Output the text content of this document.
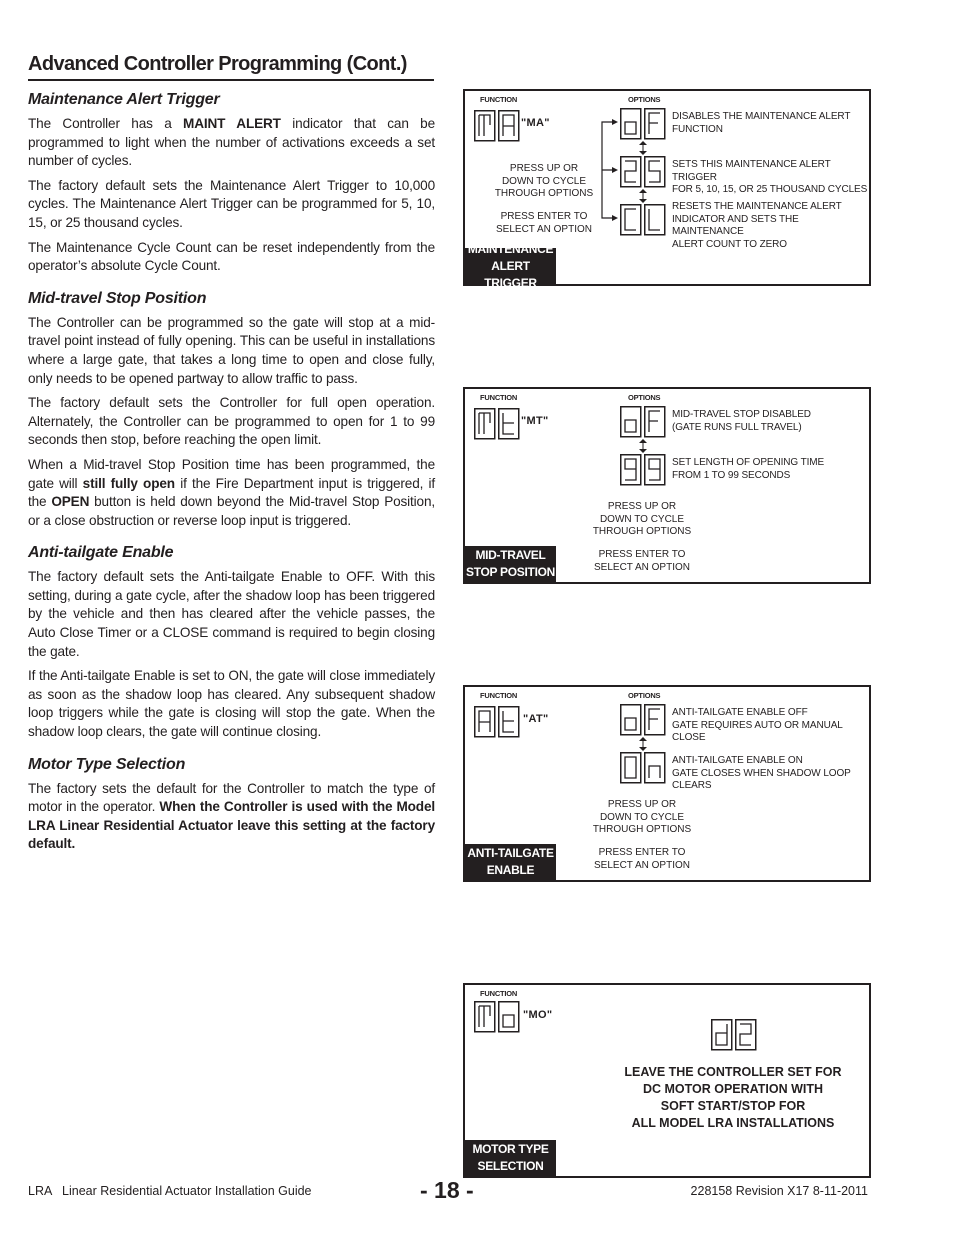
Advanced Controller Programming (Cont.)
Maintenance Alert Trigger

The Controller has a MAINT ALERT indicator that can be programmed to light when the number of activations exceeds a set number of cycles.

The factory default sets the Maintenance Alert Trigger to 10,000 cycles. The Maintenance Alert Trigger can be programmed for 5, 10, 15, or 25 thousand cycles.

The Maintenance Cycle Count can be reset independently from the operator’s absolute Cycle Count.

Mid-travel Stop Position

The Controller can be programmed so the gate will stop at a mid-travel point instead of fully opening. This can be useful in installations where a large gate, that takes a long time to open and close fully, only needs to be opened partway to allow traffic to pass.

The factory default sets the Controller for full open operation. Alternately, the Controller can be programmed to open for 1 to 99 seconds then stop, before reaching the open limit.

When a Mid-travel Stop Position time has been programmed, the gate will still fully open if the Fire Department input is triggered, if the OPEN button is held down beyond the Mid-travel Stop Position, or a close obstruction or reverse loop input is triggered.

Anti-tailgate Enable

The factory default sets the Anti-tailgate Enable to OFF. With this setting, during a gate cycle, after the shadow loop has been triggered by the vehicle and then has cleared after the vehicle passes, the Auto Close Timer or a CLOSE command is required to begin closing the gate.

If the Anti-tailgate Enable is set to ON, the gate will close immediately as soon as the shadow loop has cleared. Any subsequent shadow loop triggers while the gate is closing will stop the gate. When the shadow loop clears, the gate will continue closing.

Motor Type Selection

The factory sets the default for the Controller to match the type of motor in the operator. When the Controller is used with the Model LRA Linear Residential Actuator leave this setting at the factory default.

FUNCTION	OPTIONS
"MA"
DISABLES THE MAINTENANCE ALERT
FUNCTION
SETS THIS MAINTENANCE ALERT TRIGGER
FOR 5, 10, 15, OR 25 THOUSAND CYCLES
RESETS THE MAINTENANCE ALERT
INDICATOR AND SETS THE MAINTENANCE
ALERT COUNT TO ZERO
PRESS UP OR
DOWN TO CYCLE
THROUGH OPTIONS
PRESS ENTER TO
SELECT AN OPTION
MAINTENANCE
ALERT TRIGGER
FUNCTION	OPTIONS
"MT"
MID-TRAVEL STOP DISABLED
(GATE RUNS FULL TRAVEL)
SET LENGTH OF OPENING TIME
FROM 1 TO 99 SECONDS
PRESS UP OR
DOWN TO CYCLE
THROUGH OPTIONS
PRESS ENTER TO
SELECT AN OPTION
MID-TRAVEL
STOP POSITION
FUNCTION	OPTIONS
"AT"
ANTI-TAILGATE ENABLE OFF
GATE REQUIRES AUTO OR MANUAL CLOSE
ANTI-TAILGATE ENABLE ON
GATE CLOSES WHEN SHADOW LOOP CLEARS
PRESS UP OR
DOWN TO CYCLE
THROUGH OPTIONS
PRESS ENTER TO
SELECT AN OPTION
ANTI-TAILGATE
ENABLE
FUNCTION
"MO"
LEAVE THE CONTROLLER SET FOR
DC MOTOR OPERATION WITH
SOFT START/STOP FOR
ALL MODEL LRA INSTALLATIONS
MOTOR TYPE
SELECTION
LRA   Linear Residential Actuator Installation Guide	- 18 -	228158 Revision X17 8-11-2011
